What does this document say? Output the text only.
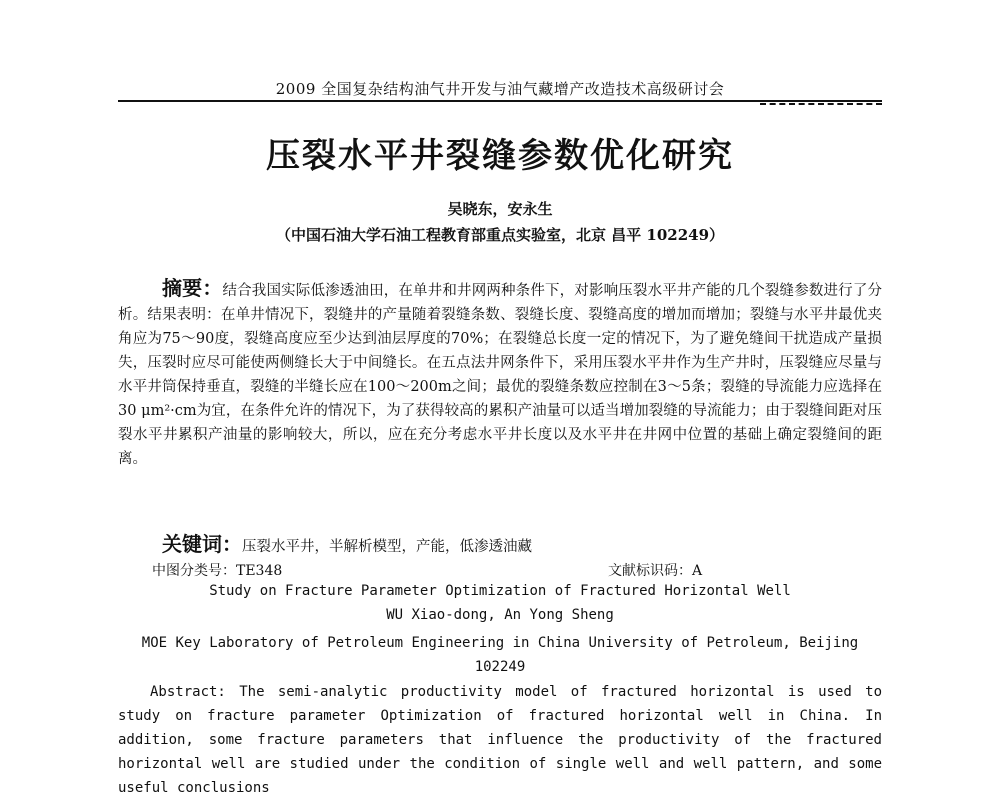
2009 全国复杂结构油气井开发与油气藏增产改造技术高级研讨会
压裂水平井裂缝参数优化研究
吴晓东，安永生
（中国石油大学石油工程教育部重点实验室，北京 昌平 102249）
摘要：结合我国实际低渗透油田，在单井和井网两种条件下，对影响压裂水平井产能的几个裂缝参数进行了分析。结果表明：在单井情况下，裂缝井的产量随着裂缝条数、裂缝长度、裂缝高度的增加而增加；裂缝与水平井最优夹角应为75～90度，裂缝高度应至少达到油层厚度的70%；在裂缝总长度一定的情况下，为了避免缝间干扰造成产量损失，压裂时应尽可能使两侧缝长大于中间缝长。在五点法井网条件下，采用压裂水平井作为生产井时，压裂缝应尽量与水平井筒保持垂直，裂缝的半缝长应在100～200m之间；最优的裂缝条数应控制在3～5条；裂缝的导流能力应选择在30 μm²·cm为宜，在条件允许的情况下，为了获得较高的累积产油量可以适当增加裂缝的导流能力；由于裂缝间距对压裂水平井累积产油量的影响较大，所以，应在充分考虑水平井长度以及水平井在井网中位置的基础上确定裂缝间的距离。
关键词：压裂水平井，半解析模型，产能，低渗透油藏
中图分类号：TE348	文献标识码：A
Study on Fracture Parameter Optimization of Fractured Horizontal Well
WU Xiao-dong, An Yong Sheng
MOE Key Laboratory of Petroleum Engineering in China University of Petroleum, Beijing 102249
Abstract: The semi-analytic productivity model of fractured horizontal is used to study on fracture parameter Optimization of fractured horizontal well in China. In addition, some fracture parameters that influence the productivity of the fractured horizontal well are studied under the condition of single well and well pattern, and some useful conclusions
